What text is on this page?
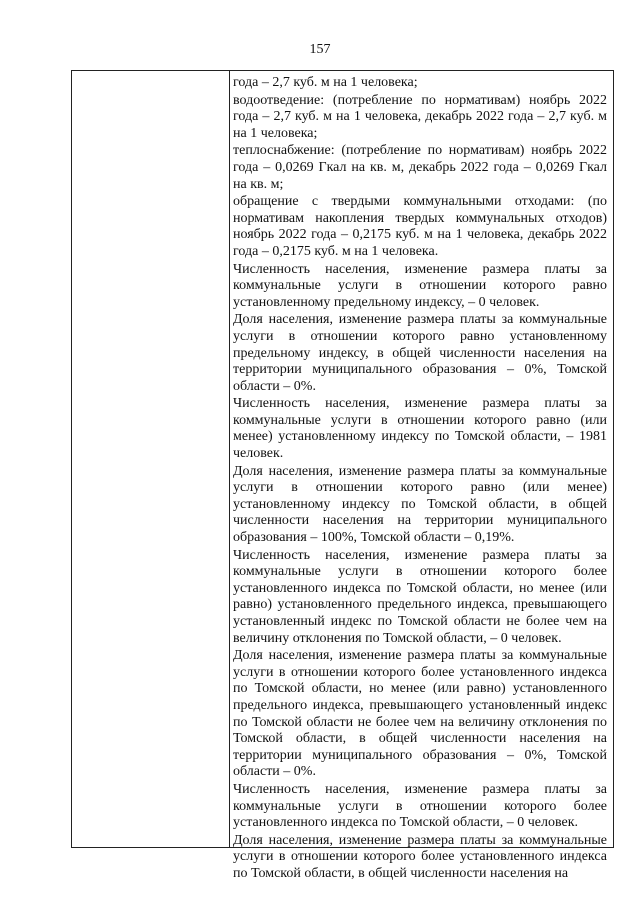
157

года – 2,7 куб. м на 1 человека;

водоотведение: (потребление по нормативам) ноябрь 2022 года – 2,7 куб. м на 1 человека, декабрь 2022 года – 2,7 куб. м на 1 человека;

теплоснабжение: (потребление по нормативам) ноябрь 2022 года – 0,0269 Гкал на кв. м, декабрь 2022 года – 0,0269 Гкал на кв. м;

обращение с твердыми коммунальными отходами: (по нормативам накопления твердых коммунальных отходов) ноябрь 2022 года – 0,2175 куб. м на 1 человека, декабрь 2022 года – 0,2175 куб. м на 1 человека.

Численность населения, изменение размера платы за коммунальные услуги в отношении которого равно установленному предельному индексу, – 0 человек.

Доля населения, изменение размера платы за коммунальные услуги в отношении которого равно установленному предельному индексу, в общей численности населения на территории муниципального образования – 0%, Томской области – 0%.

Численность населения, изменение размера платы за коммунальные услуги в отношении которого равно (или менее) установленному индексу по Томской области, – 1981 человек.

Доля населения, изменение размера платы за коммунальные услуги в отношении которого равно (или менее) установленному индексу по Томской области, в общей численности населения на территории муниципального образования – 100%, Томской области – 0,19%.

Численность населения, изменение размера платы за коммунальные услуги в отношении которого более установленного индекса по Томской области, но менее (или равно) установленного предельного индекса, превышающего установленный индекс по Томской области не более чем на величину отклонения по Томской области, – 0 человек.

Доля населения, изменение размера платы за коммунальные услуги в отношении которого более установленного индекса по Томской области, но менее (или равно) установленного предельного индекса, превышающего установленный индекс по Томской области не более чем на величину отклонения по Томской области, в общей численности населения на территории муниципального образования – 0%, Томской области – 0%.

Численность населения, изменение размера платы за коммунальные услуги в отношении которого более установленного индекса по Томской области, – 0 человек.

Доля населения, изменение размера платы за коммунальные услуги в отношении которого более установленного индекса по Томской области, в общей численности населения на
